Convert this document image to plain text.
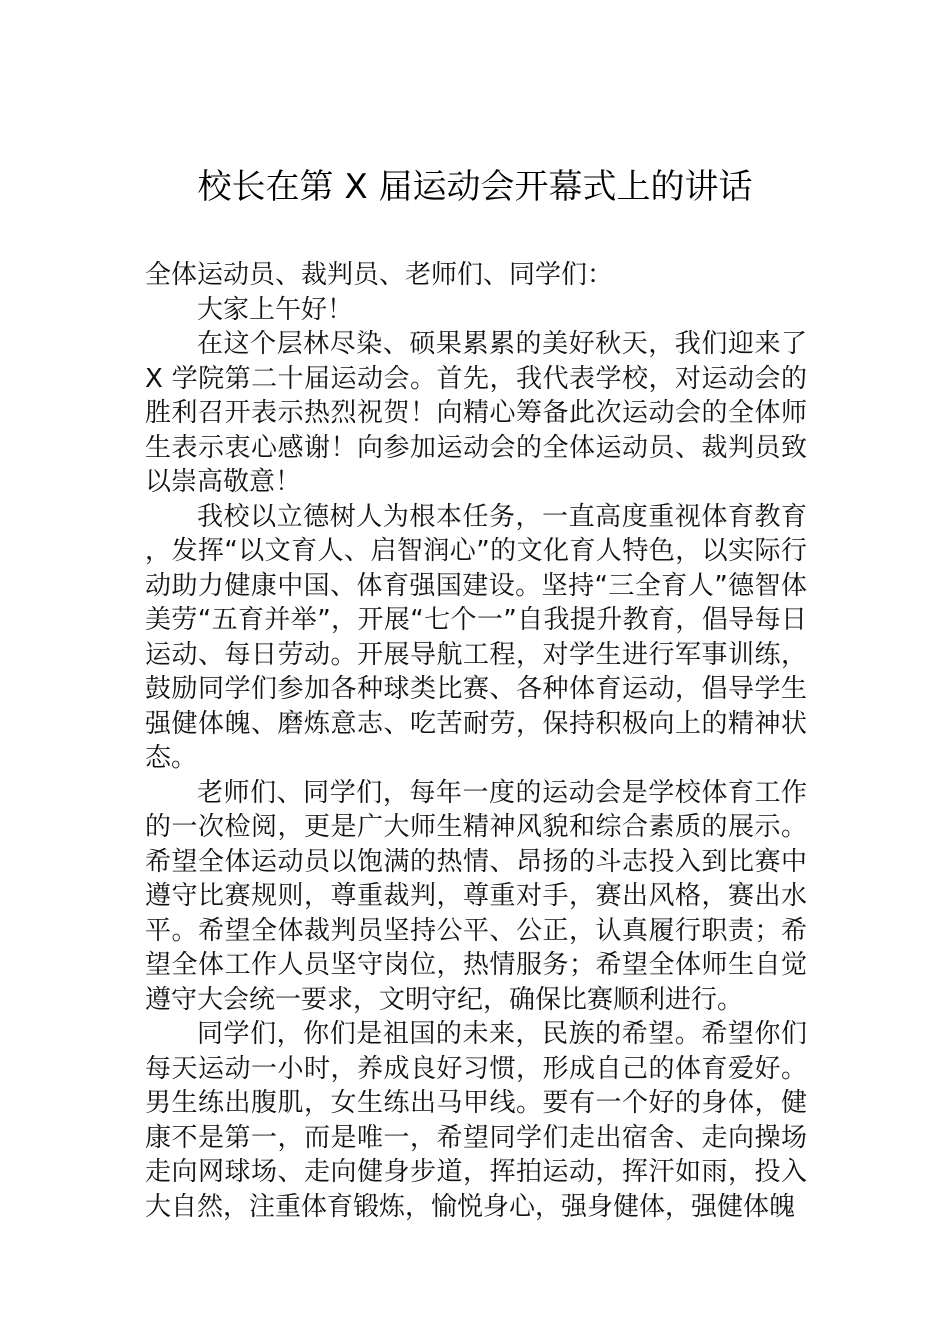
校长在第 X 届运动会开幕式上的讲话

全体运动员、裁判员、老师们、同学们：

大家上午好！

在这个层林尽染、硕果累累的美好秋天，我们迎来了 X 学院第二十届运动会。首先，我代表学校，对运动会的胜利召开表示热烈祝贺！向精心筹备此次运动会的全体师生表示衷心感谢！向参加运动会的全体运动员、裁判员致以崇高敬意！

我校以立德树人为根本任务，一直高度重视体育教育，发挥“以文育人、启智润心”的文化育人特色，以实际行动助力健康中国、体育强国建设。坚持“三全育人”德智体美劳“五育并举”，开展“七个一”自我提升教育，倡导每日运动、每日劳动。开展导航工程，对学生进行军事训练，鼓励同学们参加各种球类比赛、各种体育运动，倡导学生强健体魄、磨炼意志、吃苦耐劳，保持积极向上的精神状态。

老师们、同学们，每年一度的运动会是学校体育工作的一次检阅，更是广大师生精神风貌和综合素质的展示。希望全体运动员以饱满的热情、昂扬的斗志投入到比赛中遵守比赛规则，尊重裁判，尊重对手，赛出风格，赛出水平。希望全体裁判员坚持公平、公正，认真履行职责；希望全体工作人员坚守岗位，热情服务；希望全体师生自觉遵守大会统一要求，文明守纪，确保比赛顺利进行。

同学们，你们是祖国的未来，民族的希望。希望你们每天运动一小时，养成良好习惯，形成自己的体育爱好。男生练出腹肌，女生练出马甲线。要有一个好的身体，健康不是第一，而是唯一，希望同学们走出宿舍、走向操场走向网球场、走向健身步道，挥拍运动，挥汗如雨，投入大自然，注重体育锻炼，愉悦身心，强身健体，强健体魄
